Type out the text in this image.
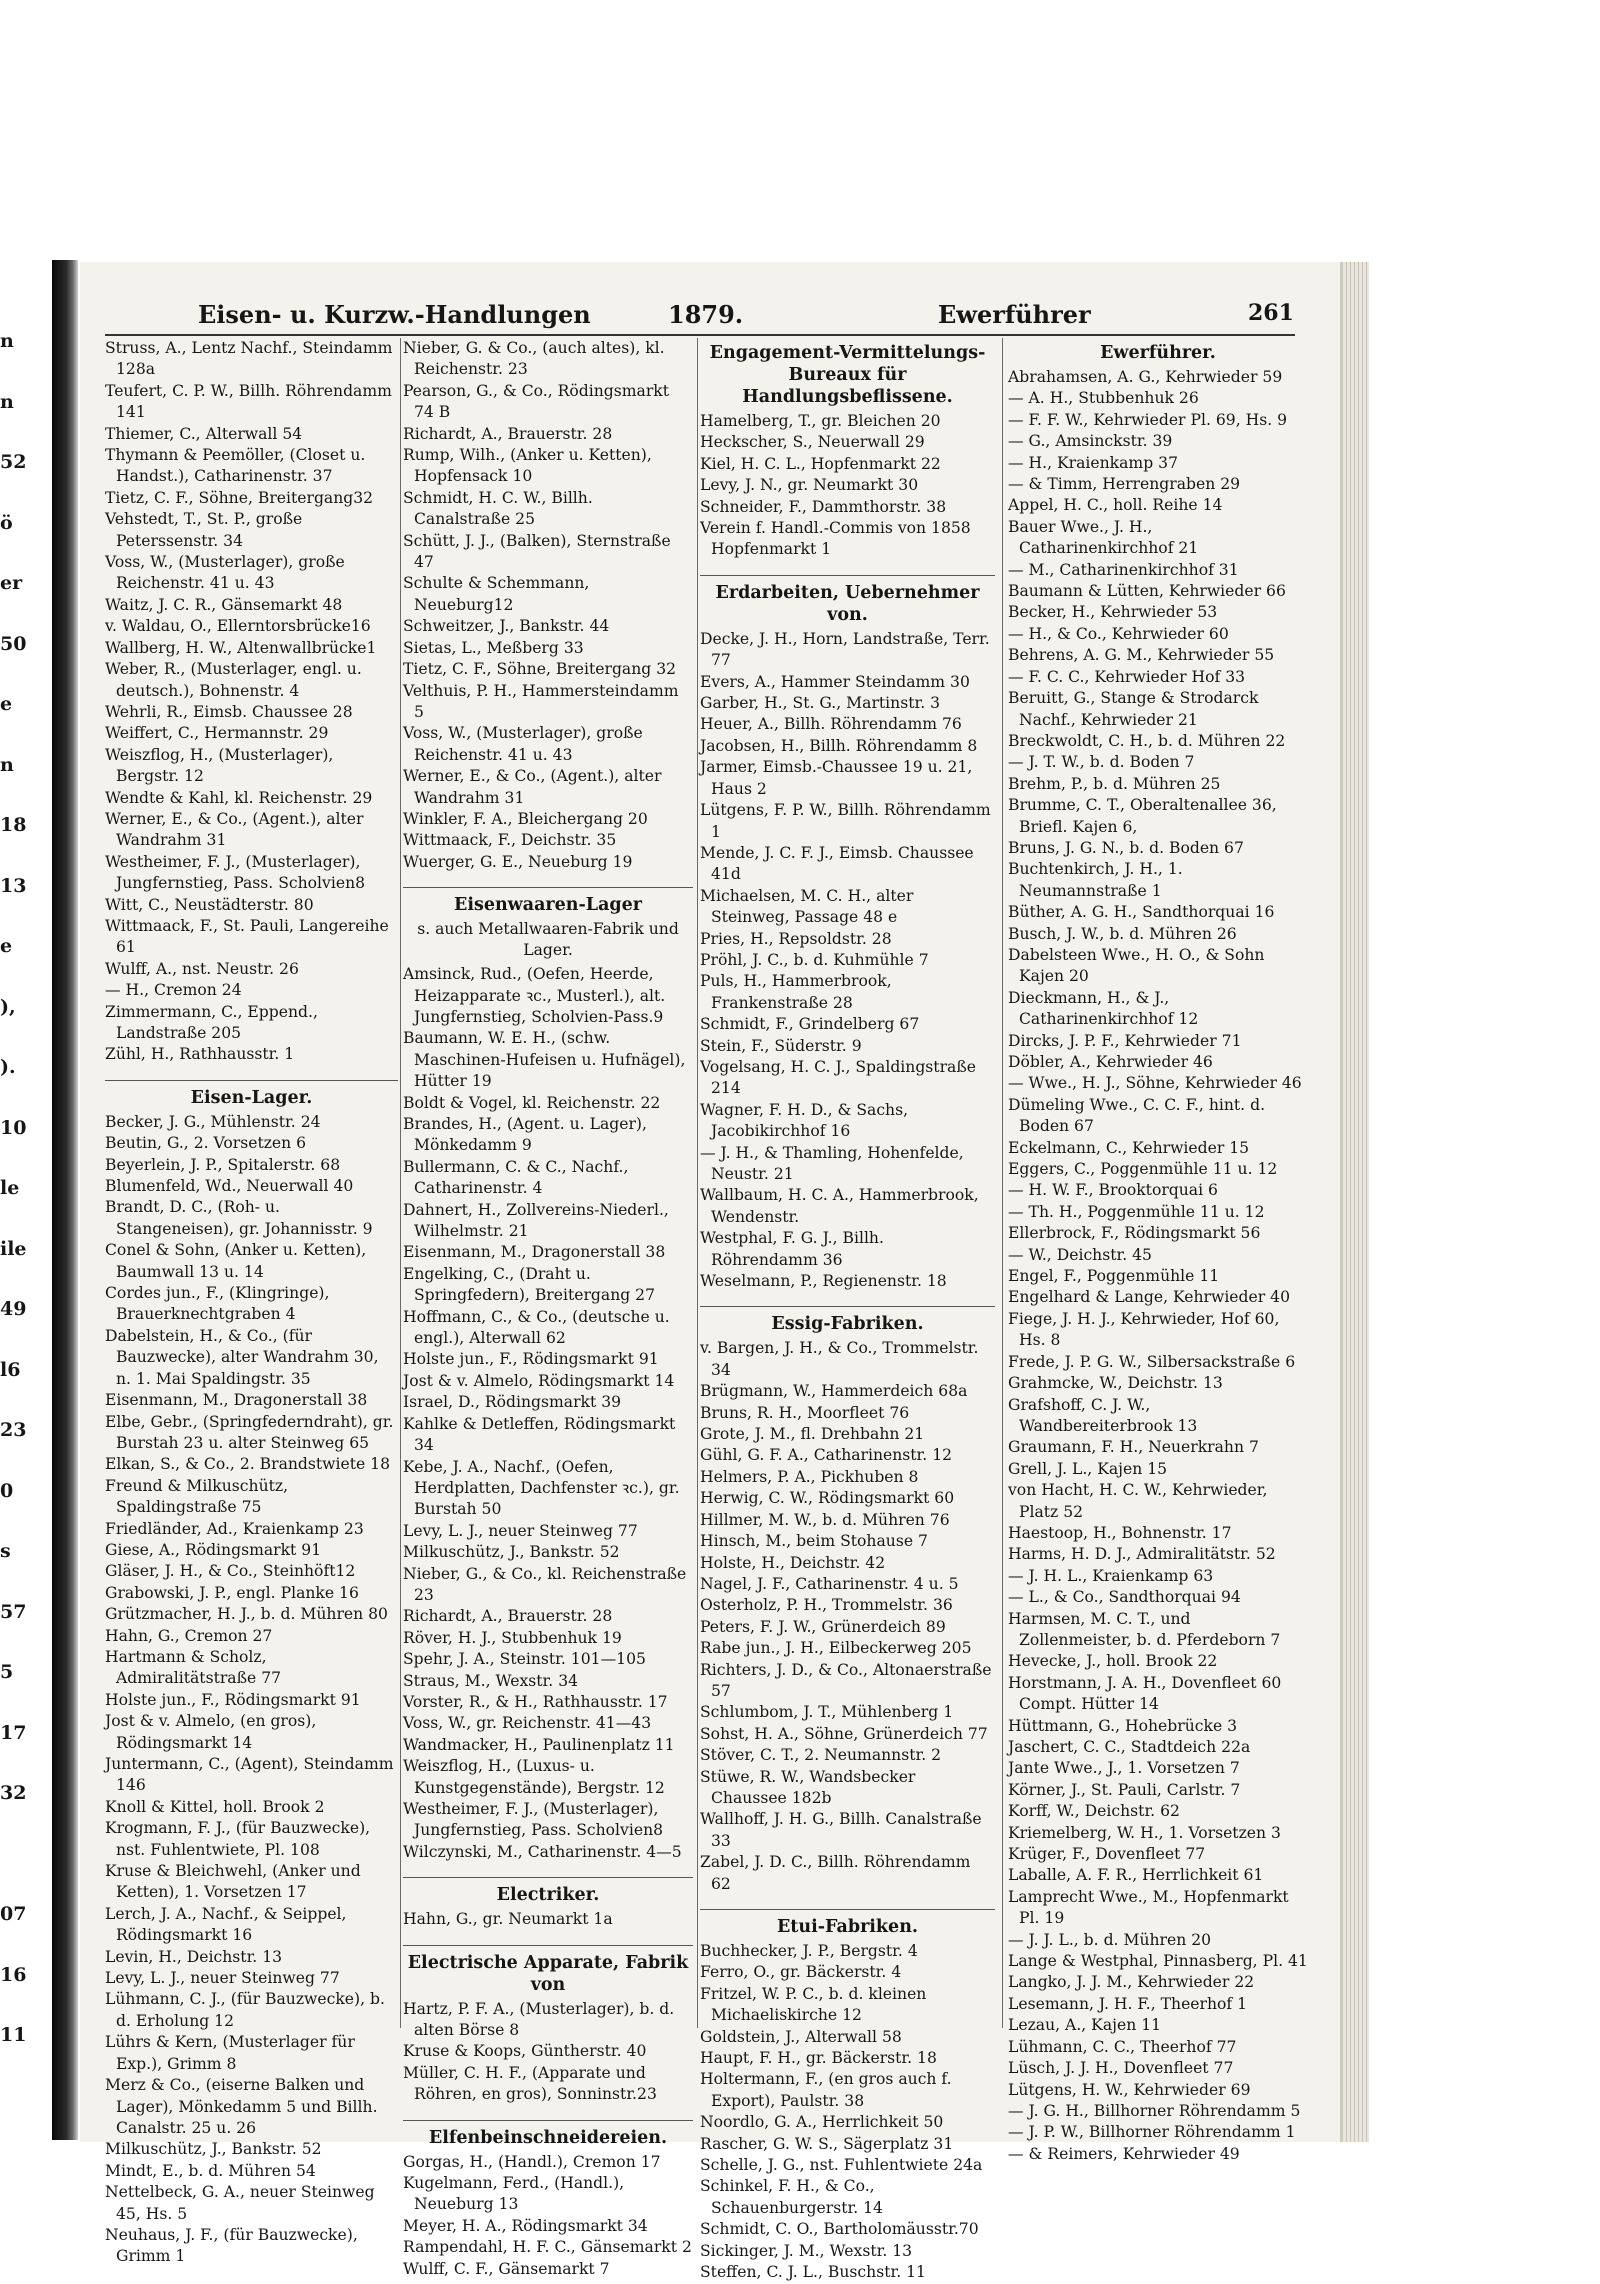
n
n
52
ö
er
50
e
n
18
13
e
),
).
10
le
ile
49
l6
23
0
s
57
5
17
32
07
16
11
Eisen- u. Kurzw.-Handlungen	1879.	Ewerführer	261

Struss, A., Lentz Nachf., Steindamm 128a

Teufert, C. P. W., Billh. Röhrendamm 141

Thiemer, C., Alterwall 54

Thymann & Peemöller, (Closet u. Handst.), Catharinenstr. 37

Tietz, C. F., Söhne, Breitergang32

Vehstedt, T., St. P., große Peterssenstr. 34

Voss, W., (Musterlager), große Reichenstr. 41 u. 43

Waitz, J. C. R., Gänsemarkt 48

v. Waldau, O., Ellerntorsbrücke16

Wallberg, H. W., Altenwallbrücke1

Weber, R., (Musterlager, engl. u. deutsch.), Bohnenstr. 4

Wehrli, R., Eimsb. Chaussee 28

Weiffert, C., Hermannstr. 29

Weiszflog, H., (Musterlager), Bergstr. 12

Wendte & Kahl, kl. Reichenstr. 29

Werner, E., & Co., (Agent.), alter Wandrahm 31

Westheimer, F. J., (Musterlager), Jungfernstieg, Pass. Scholvien8

Witt, C., Neustädterstr. 80

Wittmaack, F., St. Pauli, Langereihe 61

Wulff, A., nst. Neustr. 26

— H., Cremon 24

Zimmermann, C., Eppend., Landstraße 205

Zühl, H., Rathhausstr. 1

Eisen-Lager.

Becker, J. G., Mühlenstr. 24

Beutin, G., 2. Vorsetzen 6

Beyerlein, J. P., Spitalerstr. 68

Blumenfeld, Wd., Neuerwall 40

Brandt, D. C., (Roh- u. Stangeneisen), gr. Johannisstr. 9

Conel & Sohn, (Anker u. Ketten), Baumwall 13 u. 14

Cordes jun., F., (Klingringe), Brauerknechtgraben 4

Dabelstein, H., & Co., (für Bauzwecke), alter Wandrahm 30, n. 1. Mai Spaldingstr. 35

Eisenmann, M., Dragonerstall 38

Elbe, Gebr., (Springfederndraht), gr. Burstah 23 u. alter Steinweg 65

Elkan, S., & Co., 2. Brandstwiete 18

Freund & Milkuschütz, Spaldingstraße 75

Friedländer, Ad., Kraienkamp 23

Giese, A., Rödingsmarkt 91

Gläser, J. H., & Co., Steinhöft12

Grabowski, J. P., engl. Planke 16

Grützmacher, H. J., b. d. Mühren 80

Hahn, G., Cremon 27

Hartmann & Scholz, Admiralitätstraße 77

Holste jun., F., Rödingsmarkt 91

Jost & v. Almelo, (en gros), Rödingsmarkt 14

Juntermann, C., (Agent), Steindamm 146

Knoll & Kittel, holl. Brook 2

Krogmann, F. J., (für Bauzwecke), nst. Fuhlentwiete, Pl. 108

Kruse & Bleichwehl, (Anker und Ketten), 1. Vorsetzen 17

Lerch, J. A., Nachf., & Seippel, Rödingsmarkt 16

Levin, H., Deichstr. 13

Levy, L. J., neuer Steinweg 77

Lühmann, C. J., (für Bauzwecke), b. d. Erholung 12

Lührs & Kern, (Musterlager für Exp.), Grimm 8

Merz & Co., (eiserne Balken und Lager), Mönkedamm 5 und Billh. Canalstr. 25 u. 26

Milkuschütz, J., Bankstr. 52

Mindt, E., b. d. Mühren 54

Nettelbeck, G. A., neuer Steinweg 45, Hs. 5

Neuhaus, J. F., (für Bauzwecke), Grimm 1

Nieber, G. & Co., (auch altes), kl. Reichenstr. 23

Pearson, G., & Co., Rödingsmarkt 74 B

Richardt, A., Brauerstr. 28

Rump, Wilh., (Anker u. Ketten), Hopfensack 10

Schmidt, H. C. W., Billh. Canalstraße 25

Schütt, J. J., (Balken), Sternstraße 47

Schulte & Schemmann, Neueburg12

Schweitzer, J., Bankstr. 44

Sietas, L., Meßberg 33

Tietz, C. F., Söhne, Breitergang 32

Velthuis, P. H., Hammersteindamm 5

Voss, W., (Musterlager), große Reichenstr. 41 u. 43

Werner, E., & Co., (Agent.), alter Wandrahm 31

Winkler, F. A., Bleichergang 20

Wittmaack, F., Deichstr. 35

Wuerger, G. E., Neueburg 19

Eisenwaaren-Lager
s. auch Metallwaaren-Fabrik und Lager.

Amsinck, Rud., (Oefen, Heerde, Heizapparate ꝛc., Musterl.), alt. Jungfernstieg, Scholvien-Pass.9

Baumann, W. E. H., (schw. Maschinen-Hufeisen u. Hufnägel), Hütter 19

Boldt & Vogel, kl. Reichenstr. 22

Brandes, H., (Agent. u. Lager), Mönkedamm 9

Bullermann, C. & C., Nachf., Catharinenstr. 4

Dahnert, H., Zollvereins-Niederl., Wilhelmstr. 21

Eisenmann, M., Dragonerstall 38

Engelking, C., (Draht u. Springfedern), Breitergang 27

Hoffmann, C., & Co., (deutsche u. engl.), Alterwall 62

Holste jun., F., Rödingsmarkt 91

Jost & v. Almelo, Rödingsmarkt 14

Israel, D., Rödingsmarkt 39

Kahlke & Detleffen, Rödingsmarkt 34

Kebe, J. A., Nachf., (Oefen, Herdplatten, Dachfenster ꝛc.), gr. Burstah 50

Levy, L. J., neuer Steinweg 77

Milkuschütz, J., Bankstr. 52

Nieber, G., & Co., kl. Reichenstraße 23

Richardt, A., Brauerstr. 28

Röver, H. J., Stubbenhuk 19

Spehr, J. A., Steinstr. 101—105

Straus, M., Wexstr. 34

Vorster, R., & H., Rathhausstr. 17

Voss, W., gr. Reichenstr. 41—43

Wandmacker, H., Paulinenplatz 11

Weiszflog, H., (Luxus- u. Kunstgegenstände), Bergstr. 12

Westheimer, F. J., (Musterlager), Jungfernstieg, Pass. Scholvien8

Wilczynski, M., Catharinenstr. 4—5

Electriker.

Hahn, G., gr. Neumarkt 1a

Electrische Apparate, Fabrik von

Hartz, P. F. A., (Musterlager), b. d. alten Börse 8

Kruse & Koops, Güntherstr. 40

Müller, C. H. F., (Apparate und Röhren, en gros), Sonninstr.23

Elfenbeinschneidereien.

Gorgas, H., (Handl.), Cremon 17

Kugelmann, Ferd., (Handl.), Neueburg 13

Meyer, H. A., Rödingsmarkt 34

Rampendahl, H. F. C., Gänsemarkt 2

Wulff, C. F., Gänsemarkt 7

Engagement-Vermittelungs-Bureaux für Handlungsbeflissene.

Hamelberg, T., gr. Bleichen 20

Heckscher, S., Neuerwall 29

Kiel, H. C. L., Hopfenmarkt 22

Levy, J. N., gr. Neumarkt 30

Schneider, F., Dammthorstr. 38

Verein f. Handl.-Commis von 1858 Hopfenmarkt 1

Erdarbeiten, Uebernehmer von.

Decke, J. H., Horn, Landstraße, Terr. 77

Evers, A., Hammer Steindamm 30

Garber, H., St. G., Martinstr. 3

Heuer, A., Billh. Röhrendamm 76

Jacobsen, H., Billh. Röhrendamm 8

Jarmer, Eimsb.-Chaussee 19 u. 21, Haus 2

Lütgens, F. P. W., Billh. Röhrendamm 1

Mende, J. C. F. J., Eimsb. Chaussee 41d

Michaelsen, M. C. H., alter Steinweg, Passage 48 e

Pries, H., Repsoldstr. 28

Pröhl, J. C., b. d. Kuhmühle 7

Puls, H., Hammerbrook, Frankenstraße 28

Schmidt, F., Grindelberg 67

Stein, F., Süderstr. 9

Vogelsang, H. C. J., Spaldingstraße 214

Wagner, F. H. D., & Sachs, Jacobikirchhof 16

— J. H., & Thamling, Hohenfelde, Neustr. 21

Wallbaum, H. C. A., Hammerbrook, Wendenstr.

Westphal, F. G. J., Billh. Röhrendamm 36

Weselmann, P., Regienenstr. 18

Essig-Fabriken.

v. Bargen, J. H., & Co., Trommelstr. 34

Brügmann, W., Hammerdeich 68a

Bruns, R. H., Moorfleet 76

Grote, J. M., fl. Drehbahn 21

Gühl, G. F. A., Catharinenstr. 12

Helmers, P. A., Pickhuben 8

Herwig, C. W., Rödingsmarkt 60

Hillmer, M. W., b. d. Mühren 76

Hinsch, M., beim Stohause 7

Holste, H., Deichstr. 42

Nagel, J. F., Catharinenstr. 4 u. 5

Osterholz, P. H., Trommelstr. 36

Peters, F. J. W., Grünerdeich 89

Rabe jun., J. H., Eilbeckerweg 205

Richters, J. D., & Co., Altonaerstraße 57

Schlumbom, J. T., Mühlenberg 1

Sohst, H. A., Söhne, Grünerdeich 77

Stöver, C. T., 2. Neumannstr. 2

Stüwe, R. W., Wandsbecker Chaussee 182b

Wallhoff, J. H. G., Billh. Canalstraße 33

Zabel, J. D. C., Billh. Röhrendamm 62

Etui-Fabriken.

Buchhecker, J. P., Bergstr. 4

Ferro, O., gr. Bäckerstr. 4

Fritzel, W. P. C., b. d. kleinen Michaeliskirche 12

Goldstein, J., Alterwall 58

Haupt, F. H., gr. Bäckerstr. 18

Holtermann, F., (en gros auch f. Export), Paulstr. 38

Noordlo, G. A., Herrlichkeit 50

Rascher, G. W. S., Sägerplatz 31

Schelle, J. G., nst. Fuhlentwiete 24a

Schinkel, F. H., & Co., Schauenburgerstr. 14

Schmidt, C. O., Bartholomäusstr.70

Sickinger, J. M., Wexstr. 13

Steffen, C. J. L., Buschstr. 11

Ewerführer.

Abrahamsen, A. G., Kehrwieder 59

— A. H., Stubbenhuk 26

— F. F. W., Kehrwieder Pl. 69, Hs. 9

— G., Amsinckstr. 39

— H., Kraienkamp 37

— & Timm, Herrengraben 29

Appel, H. C., holl. Reihe 14

Bauer Wwe., J. H., Catharinenkirchhof 21

— M., Catharinenkirchhof 31

Baumann & Lütten, Kehrwieder 66

Becker, H., Kehrwieder 53

— H., & Co., Kehrwieder 60

Behrens, A. G. M., Kehrwieder 55

— F. C. C., Kehrwieder Hof 33

Beruitt, G., Stange & Strodarck Nachf., Kehrwieder 21

Breckwoldt, C. H., b. d. Mühren 22

— J. T. W., b. d. Boden 7

Brehm, P., b. d. Mühren 25

Brumme, C. T., Oberaltenallee 36, Briefl. Kajen 6,

Bruns, J. G. N., b. d. Boden 67

Buchtenkirch, J. H., 1. Neumannstraße 1

Büther, A. G. H., Sandthorquai 16

Busch, J. W., b. d. Mühren 26

Dabelsteen Wwe., H. O., & Sohn Kajen 20

Dieckmann, H., & J., Catharinenkirchhof 12

Dircks, J. P. F., Kehrwieder 71

Döbler, A., Kehrwieder 46

— Wwe., H. J., Söhne, Kehrwieder 46

Dümeling Wwe., C. C. F., hint. d. Boden 67

Eckelmann, C., Kehrwieder 15

Eggers, C., Poggenmühle 11 u. 12

— H. W. F., Brooktorquai 6

— Th. H., Poggenmühle 11 u. 12

Ellerbrock, F., Rödingsmarkt 56

— W., Deichstr. 45

Engel, F., Poggenmühle 11

Engelhard & Lange, Kehrwieder 40

Fiege, J. H. J., Kehrwieder, Hof 60, Hs. 8

Frede, J. P. G. W., Silbersackstraße 6

Grahmcke, W., Deichstr. 13

Grafshoff, C. J. W., Wandbereiterbrook 13

Graumann, F. H., Neuerkrahn 7

Grell, J. L., Kajen 15

von Hacht, H. C. W., Kehrwieder, Platz 52

Haestoop, H., Bohnenstr. 17

Harms, H. D. J., Admiralitätstr. 52

— J. H. L., Kraienkamp 63

— L., & Co., Sandthorquai 94

Harmsen, M. C. T., und Zollenmeister, b. d. Pferdeborn 7

Hevecke, J., holl. Brook 22

Horstmann, J. A. H., Dovenfleet 60 Compt. Hütter 14

Hüttmann, G., Hohebrücke 3

Jaschert, C. C., Stadtdeich 22a

Jante Wwe., J., 1. Vorsetzen 7

Körner, J., St. Pauli, Carlstr. 7

Korff, W., Deichstr. 62

Kriemelberg, W. H., 1. Vorsetzen 3

Krüger, F., Dovenfleet 77

Laballe, A. F. R., Herrlichkeit 61

Lamprecht Wwe., M., Hopfenmarkt Pl. 19

— J. J. L., b. d. Mühren 20

Lange & Westphal, Pinnasberg, Pl. 41

Langko, J. J. M., Kehrwieder 22

Lesemann, J. H. F., Theerhof 1

Lezau, A., Kajen 11

Lühmann, C. C., Theerhof 77

Lüsch, J. J. H., Dovenfleet 77

Lütgens, H. W., Kehrwieder 69

— J. G. H., Billhorner Röhrendamm 5

— J. P. W., Billhorner Röhrendamm 1

— & Reimers, Kehrwieder 49
